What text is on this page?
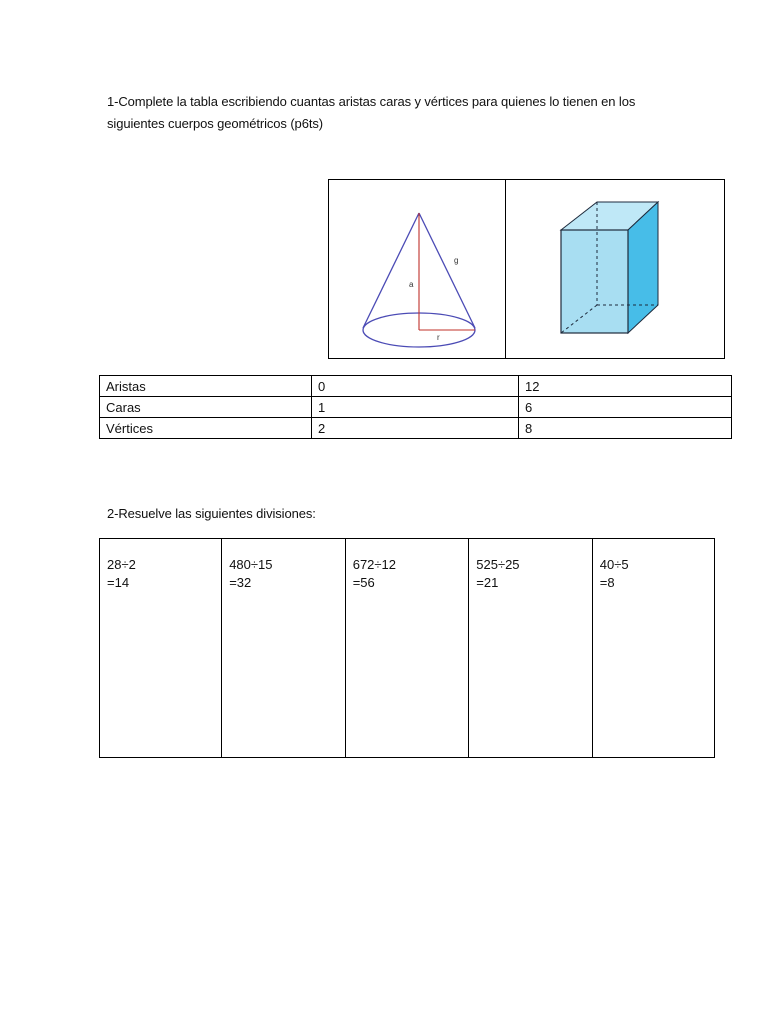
1-Complete la tabla escribiendo cuantas aristas caras y vértices para quienes lo tienen en los siguientes cuerpos geométricos (p6ts)
g
a
r
Aristas	0	12
Caras	1	6
Vértices	2	8
2-Resuelve las siguientes divisiones:
28÷2
=14

480÷15
=32

672÷12
=56

525÷25
=21

40÷5
=8
